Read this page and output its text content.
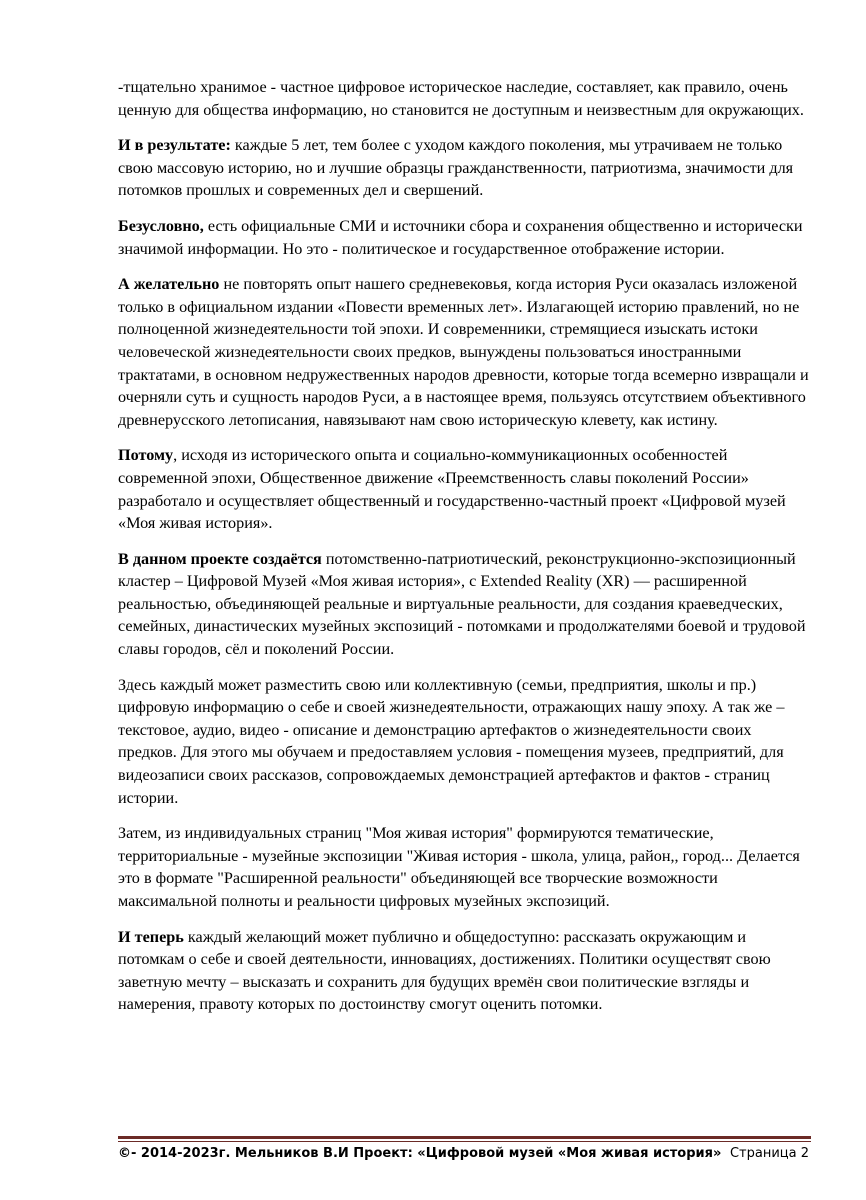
-тщательно хранимое - частное цифровое историческое наследие, составляет, как правило, очень ценную для общества информацию, но становится не доступным и неизвестным для окружающих.

И в результате: каждые 5 лет, тем более с уходом каждого поколения, мы утрачиваем не только свою массовую историю, но и лучшие образцы гражданственности, патриотизма, значимости для потомков прошлых и современных дел и свершений.

Безусловно, есть официальные СМИ и источники сбора и сохранения общественно и исторически значимой информации. Но это - политическое и государственное отображение истории.

А желательно не повторять опыт нашего средневековья, когда история Руси оказалась изложеной только в официальном издании «Повести временных лет». Излагающей историю правлений, но не полноценной жизнедеятельности той эпохи. И современники, стремящиеся изыскать истоки человеческой жизнедеятельности своих предков, вынуждены пользоваться иностранными трактатами, в основном недружественных народов древности, которые тогда всемерно извращали и очерняли суть и сущность народов Руси, а в настоящее время, пользуясь отсутствием объективного древнерусского летописания, навязывают нам свою историческую клевету, как истину.

Потому, исходя из исторического опыта и социально-коммуникационных особенностей современной эпохи, Общественное движение «Преемственность славы поколений России» разработало и осуществляет общественный и государственно-частный проект «Цифровой музей «Моя живая история».

В данном проекте создаётся потомственно-патриотический, реконструкционно-экспозиционный кластер – Цифровой Музей «Моя живая история», с Extended Reality (XR) — расширенной реальностью, объединяющей реальные и виртуальные реальности, для создания краеведческих, семейных, династических музейных экспозиций - потомками и продолжателями боевой и трудовой славы городов, сёл и поколений России.

Здесь каждый может разместить свою или коллективную (семьи, предприятия, школы и пр.) цифровую информацию о себе и своей жизнедеятельности, отражающих нашу эпоху. А так же – текстовое, аудио, видео - описание и демонстрацию артефактов о жизнедеятельности своих предков. Для этого мы обучаем и предоставляем условия - помещения музеев, предприятий, для видеозаписи своих рассказов, сопровождаемых демонстрацией артефактов и фактов - страниц истории.

Затем, из индивидуальных страниц "Моя живая история" формируются тематические, территориальные - музейные экспозиции "Живая история - школа, улица, район,, город... Делается это в формате "Расширенной реальности" объединяющей все творческие возможности максимальной полноты и реальности цифровых музейных экспозиций.

И теперь каждый желающий может публично и общедоступно: рассказать окружающим и потомкам о себе и своей деятельности, инновациях, достижениях. Политики осуществят свою заветную мечту – высказать и сохранить для будущих времён свои политические взгляды и намерения, правоту которых по достоинству смогут оценить потомки.

©- 2014-2023г. Мельников В.И Проект: «Цифровой музей «Моя живая история» Страница 2
